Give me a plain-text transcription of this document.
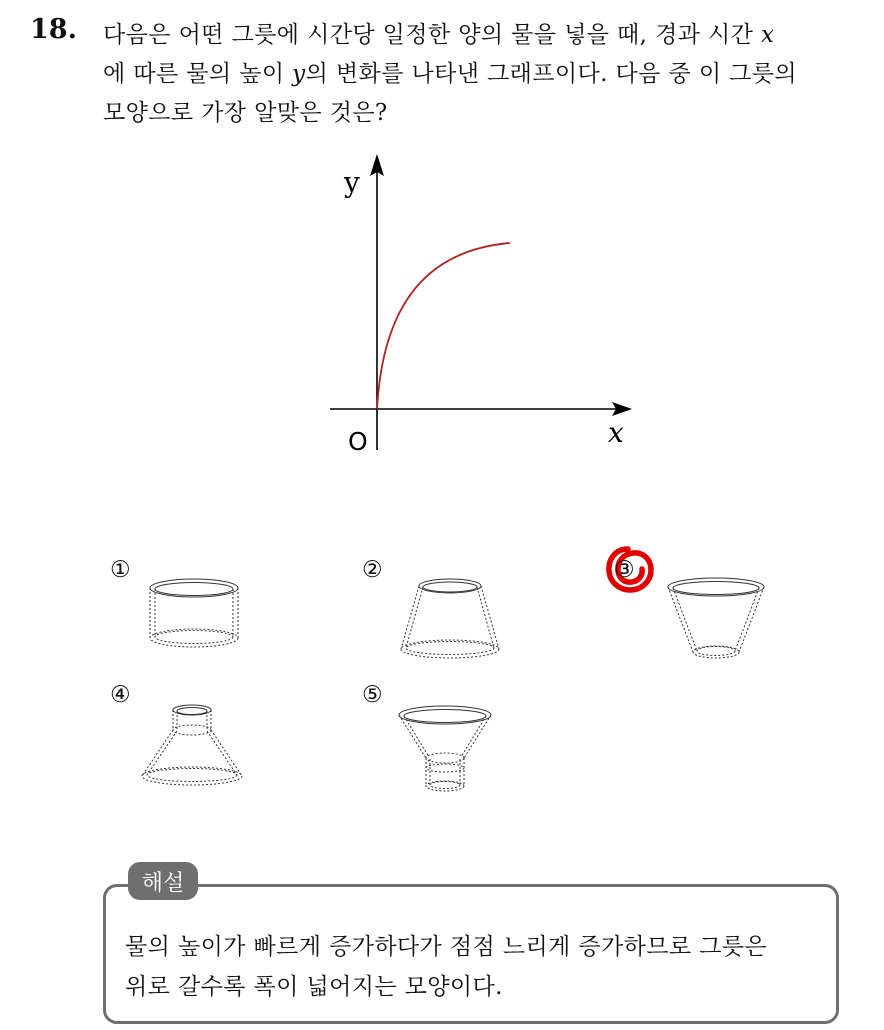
18. 다음은 어떤 그릇에 시간당 일정한 양의 물을 넣을 때, 경과 시간 x
에 따른 물의 높이 y의 변화를 나타낸 그래프이다. 다음 중 이 그릇의
모양으로 가장 알맞은 것은?
y
x
O
①	②	③
④	⑤
해설
물의 높이가 빠르게 증가하다가 점점 느리게 증가하므로 그릇은
위로 갈수록 폭이 넓어지는 모양이다.
